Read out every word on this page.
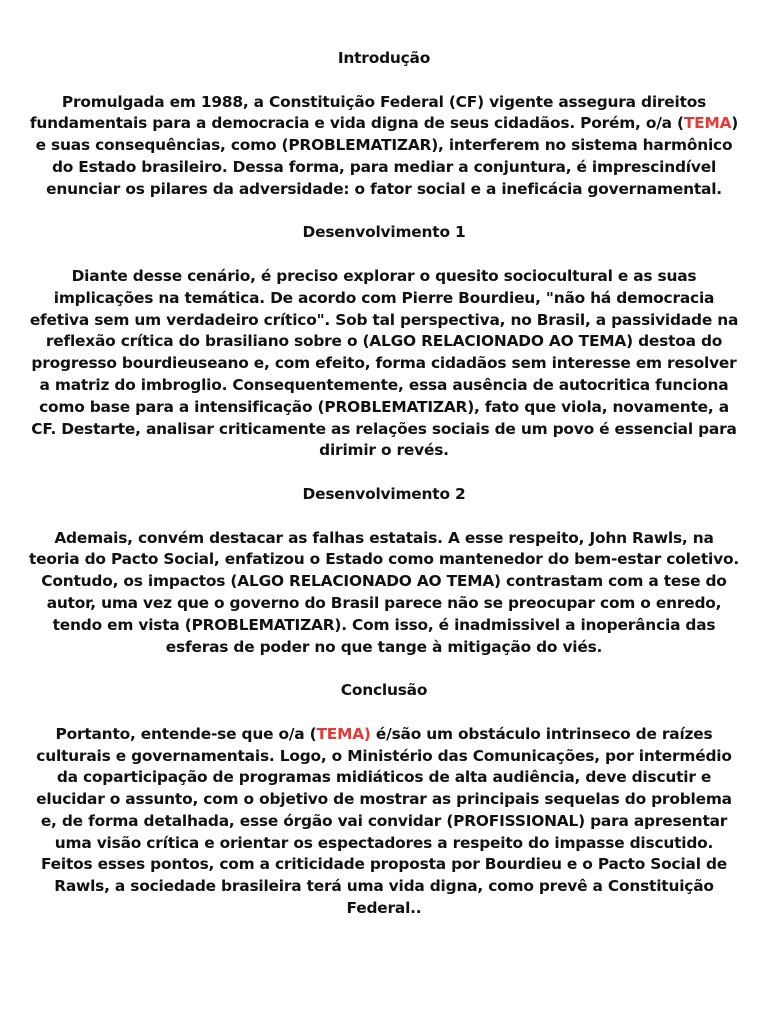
Introdução

Promulgada em 1988, a Constituição Federal (CF) vigente assegura direitos fundamentais para a democracia e vida digna de seus cidadãos. Porém, o/a (TEMA) e suas consequências, como (PROBLEMATIZAR), interferem no sistema harmônico do Estado brasileiro. Dessa forma, para mediar a conjuntura, é imprescindível enunciar os pilares da adversidade: o fator social e a ineficácia governamental.

Desenvolvimento 1

Diante desse cenário, é preciso explorar o quesito sociocultural e as suas implicações na temática. De acordo com Pierre Bourdieu, "não há democracia efetiva sem um verdadeiro crítico". Sob tal perspectiva, no Brasil, a passividade na reflexão crítica do brasiliano sobre o (ALGO RELACIONADO AO TEMA) destoa do progresso bourdieuseano e, com efeito, forma cidadãos sem interesse em resolver a matriz do imbroglio. Consequentemente, essa ausência de autocritica funciona como base para a intensificação (PROBLEMATIZAR), fato que viola, novamente, a CF. Destarte, analisar criticamente as relações sociais de um povo é essencial para dirimir o revés.

Desenvolvimento 2

Ademais, convém destacar as falhas estatais. A esse respeito, John Rawls, na teoria do Pacto Social, enfatizou o Estado como mantenedor do bem-estar coletivo. Contudo, os impactos (ALGO RELACIONADO AO TEMA) contrastam com a tese do autor, uma vez que o governo do Brasil parece não se preocupar com o enredo, tendo em vista (PROBLEMATIZAR). Com isso, é inadmissivel a inoperância das esferas de poder no que tange à mitigação do viés.

Conclusão

Portanto, entende-se que o/a (TEMA) é/são um obstáculo intrinseco de raízes culturais e governamentais. Logo, o Ministério das Comunicações, por intermédio da coparticipação de programas midiáticos de alta audiência, deve discutir e elucidar o assunto, com o objetivo de mostrar as principais sequelas do problema e, de forma detalhada, esse órgão vai convidar (PROFISSIONAL) para apresentar uma visão crítica e orientar os espectadores a respeito do impasse discutido. Feitos esses pontos, com a criticidade proposta por Bourdieu e o Pacto Social de Rawls, a sociedade brasileira terá uma vida digna, como prevê a Constituição Federal..
